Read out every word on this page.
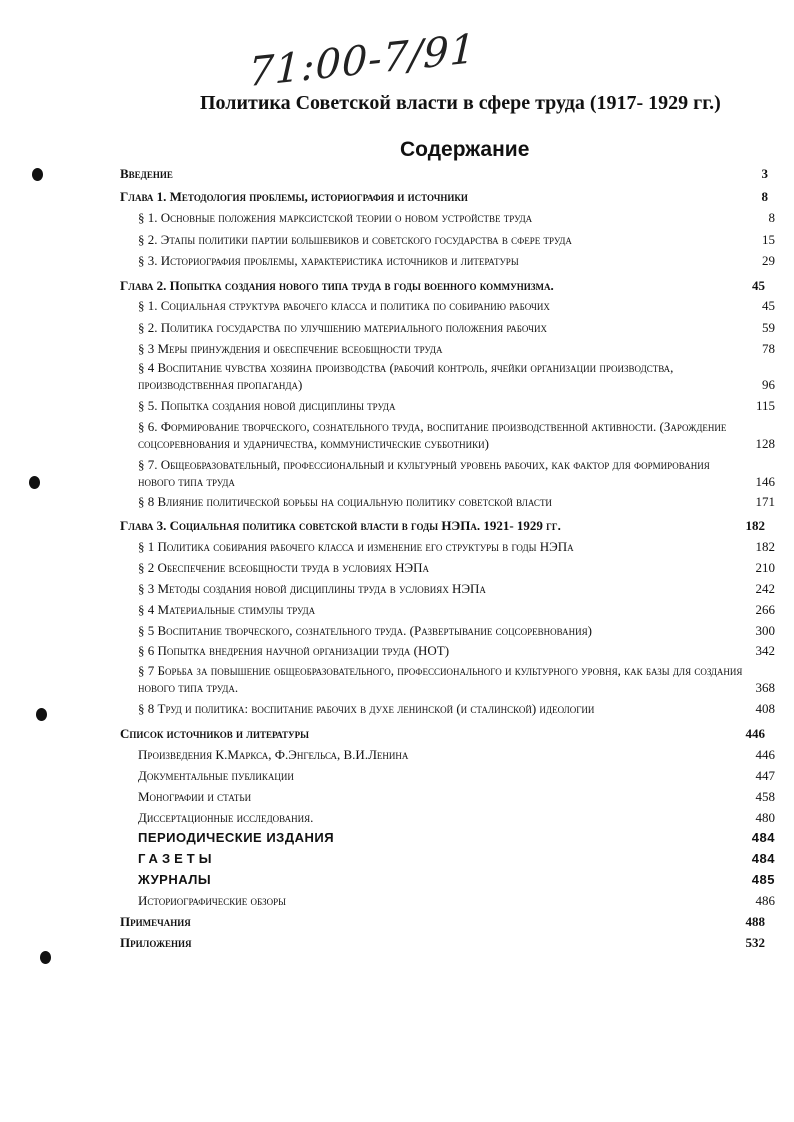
71:00-7/91
Политика Советской власти в сфере труда (1917- 1929 гг.)
Содержание
Введение	3
Глава 1. Методология проблемы, историография и источники	8
§ 1. Основные положения марксистской теории о новом устройстве труда	8
§ 2. Этапы политики партии большевиков и советского государства в сфере труда	15
§ 3. Историография проблемы, характеристика источников и литературы	29
Глава 2. Попытка создания нового типа труда в годы военного коммунизма.	45
§ 1. Социальная структура рабочего класса и политика по собиранию рабочих	45
§ 2. Политика государства по улучшению материального положения рабочих	59
§ 3 Меры принуждения и обеспечение всеобщности труда	78
§ 4 Воспитание чувства хозяина производства (рабочий контроль, ячейки организации производства, производственная пропаганда)	96
§ 5. Попытка создания новой дисциплины труда	115
§ 6. Формирование творческого, сознательного труда, воспитание производственной активности. (Зарождение соцсоревнования и ударничества, коммунистические субботники)	128
§ 7. Общеобразовательный, профессиональный и культурный уровень рабочих, как фактор для формирования нового типа труда	146
§ 8 Влияние политической борьбы на социальную политику советской власти	171
Глава 3. Социальная политика советской власти в годы НЭПа. 1921- 1929 гг.	182
§ 1 Политика собирания рабочего класса и изменение его структуры в годы НЭПа	182
§ 2 Обеспечение всеобщности труда в условиях НЭПа	210
§ 3 Методы создания новой дисциплины труда в условиях НЭПа	242
§ 4 Материальные стимулы труда	266
§ 5 Воспитание творческого, сознательного труда. (Развертывание соцсоревнования)	300
§ 6 Попытка внедрения научной организации труда (НОТ)	342
§ 7 Борьба за повышение общеобразовательного, профессионального и культурного уровня, как базы для создания нового типа труда.	368
§ 8 Труд и политика: воспитание рабочих в духе ленинской (и сталинской) идеологии	408
Список источников и литературы	446
Произведения К.Маркса, Ф.Энгельса, В.И.Ленина	446
Документальные публикации	447
Монографии и статьи	458
Диссертационные исследования.	480
ПЕРИОДИЧЕСКИЕ ИЗДАНИЯ	484
ГАЗЕТЫ	484
ЖУРНАЛЫ	485
Историографические обзоры	486
Примечания	488
Приложения	532
